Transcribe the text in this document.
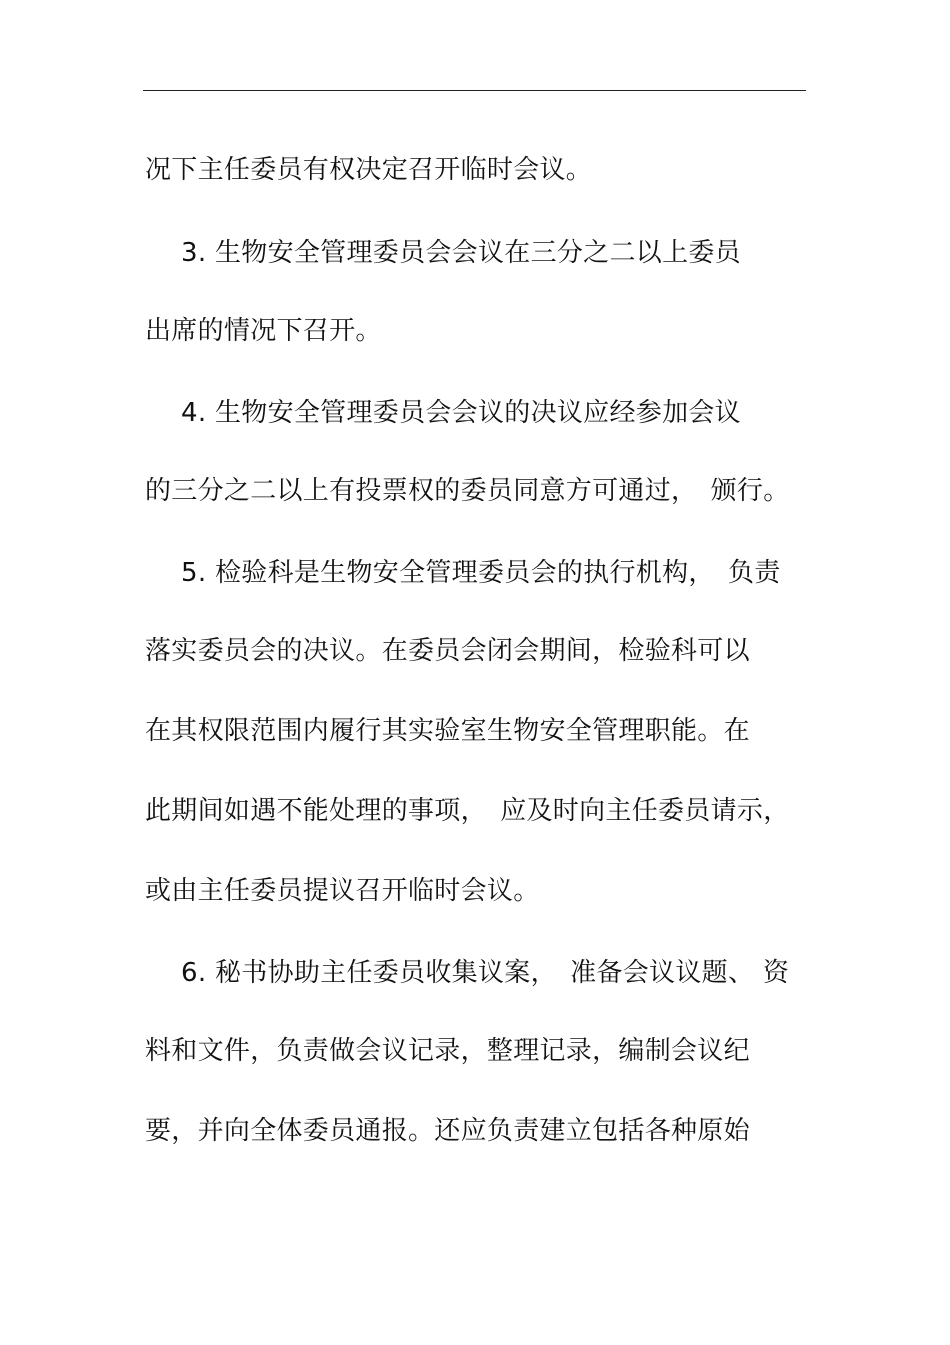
况下主任委员有权决定召开临时会议。
3. 生物安全管理委员会会议在三分之二以上委员
出席的情况下召开。
4. 生物安全管理委员会会议的决议应经参加会议
的三分之二以上有投票权的委员同意方可通过，　颁行。
5. 检验科是生物安全管理委员会的执行机构，　负责
落实委员会的决议。在委员会闭会期间，检验科可以
在其权限范围内履行其实验室生物安全管理职能。在
此期间如遇不能处理的事项，　应及时向主任委员请示，
或由主任委员提议召开临时会议。
6. 秘书协助主任委员收集议案，　准备会议议题、 资
料和文件，负责做会议记录，整理记录，编制会议纪
要，并向全体委员通报。还应负责建立包括各种原始
